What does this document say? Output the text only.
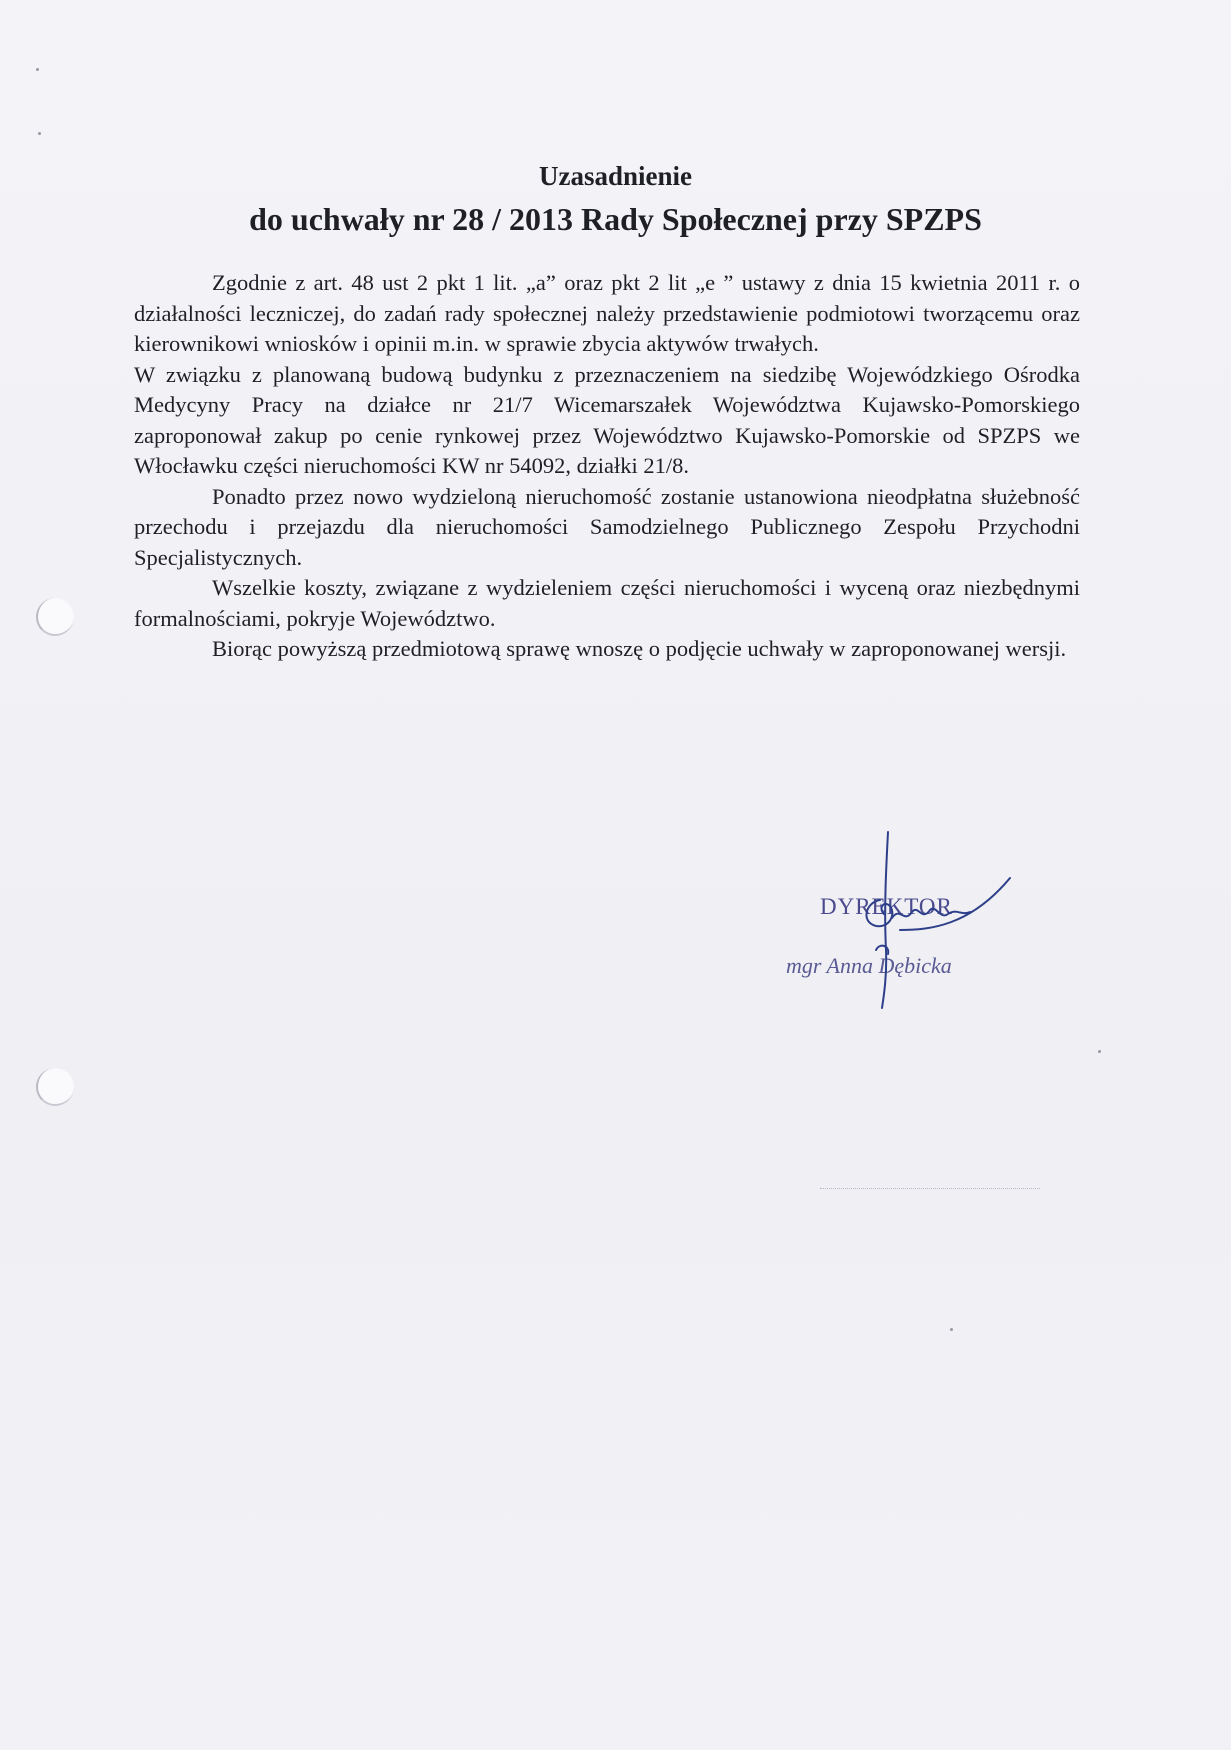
Uzasadnienie
do uchwały nr 28 / 2013 Rady Społecznej przy SPZPS

Zgodnie z art. 48 ust 2 pkt 1 lit. „a” oraz pkt 2 lit „e ” ustawy z dnia 15 kwietnia 2011 r. o działalności leczniczej, do zadań rady społecznej należy przedstawienie podmiotowi tworzącemu oraz kierownikowi wniosków i opinii m.in. w sprawie zbycia aktywów trwałych.

W związku z planowaną budową budynku z przeznaczeniem na siedzibę Wojewódzkiego Ośrodka Medycyny Pracy na działce nr 21/7 Wicemarszałek Województwa Kujawsko-Pomorskiego zaproponował zakup po cenie rynkowej przez Województwo Kujawsko-Pomorskie od SPZPS we Włocławku części nieruchomości KW nr 54092, działki 21/8.

Ponadto przez nowo wydzieloną nieruchomość zostanie ustanowiona nieodpłatna służebność przechodu i przejazdu dla nieruchomości Samodzielnego Publicznego Zespołu Przychodni Specjalistycznych.

Wszelkie koszty, związane z wydzieleniem części nieruchomości i wyceną oraz niezbędnymi formalnościami, pokryje Województwo.

Biorąc powyższą przedmiotową sprawę wnoszę o podjęcie uchwały w zaproponowanej wersji.

DYREKTOR
mgr Anna Dębicka
